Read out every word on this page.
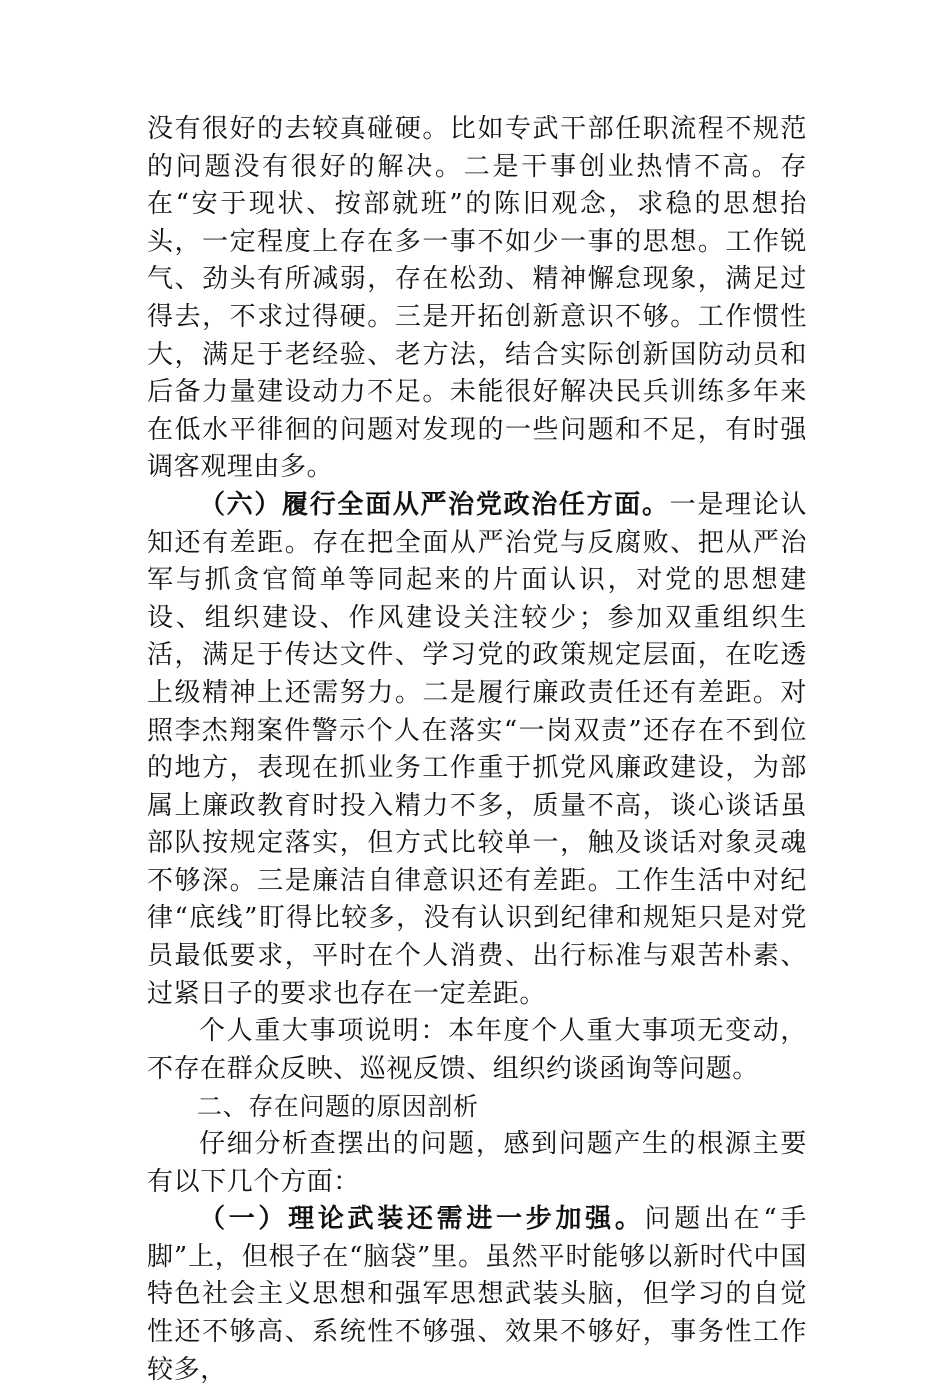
没有很好的去较真碰硬。比如专武干部任职流程不规范的问题没有很好的解决。二是干事创业热情不高。存在“安于现状、按部就班”的陈旧观念，求稳的思想抬头，一定程度上存在多一事不如少一事的思想。工作锐气、劲头有所减弱，存在松劲、精神懈怠现象，满足过得去，不求过得硬。三是开拓创新意识不够。工作惯性大，满足于老经验、老方法，结合实际创新国防动员和后备力量建设动力不足。未能很好解决民兵训练多年来在低水平徘徊的问题对发现的一些问题和不足，有时强调客观理由多。

（六）履行全面从严治党政治任方面。一是理论认知还有差距。存在把全面从严治党与反腐败、把从严治军与抓贪官简单等同起来的片面认识，对党的思想建设、组织建设、作风建设关注较少；参加双重组织生活，满足于传达文件、学习党的政策规定层面，在吃透上级精神上还需努力。二是履行廉政责任还有差距。对照李杰翔案件警示个人在落实“一岗双责”还存在不到位的地方，表现在抓业务工作重于抓党风廉政建设，为部属上廉政教育时投入精力不多，质量不高，谈心谈话虽部队按规定落实，但方式比较单一，触及谈话对象灵魂不够深。三是廉洁自律意识还有差距。工作生活中对纪律“底线”盯得比较多，没有认识到纪律和规矩只是对党员最低要求，平时在个人消费、出行标准与艰苦朴素、过紧日子的要求也存在一定差距。

个人重大事项说明：本年度个人重大事项无变动，不存在群众反映、巡视反馈、组织约谈函询等问题。

二、存在问题的原因剖析

仔细分析查摆出的问题，感到问题产生的根源主要有以下几个方面：

（一）理论武装还需进一步加强。问题出在“手脚”上，但根子在“脑袋”里。虽然平时能够以新时代中国特色社会主义思想和强军思想武装头脑，但学习的自觉性还不够高、系统性不够强、效果不够好，事务性工作较多，
